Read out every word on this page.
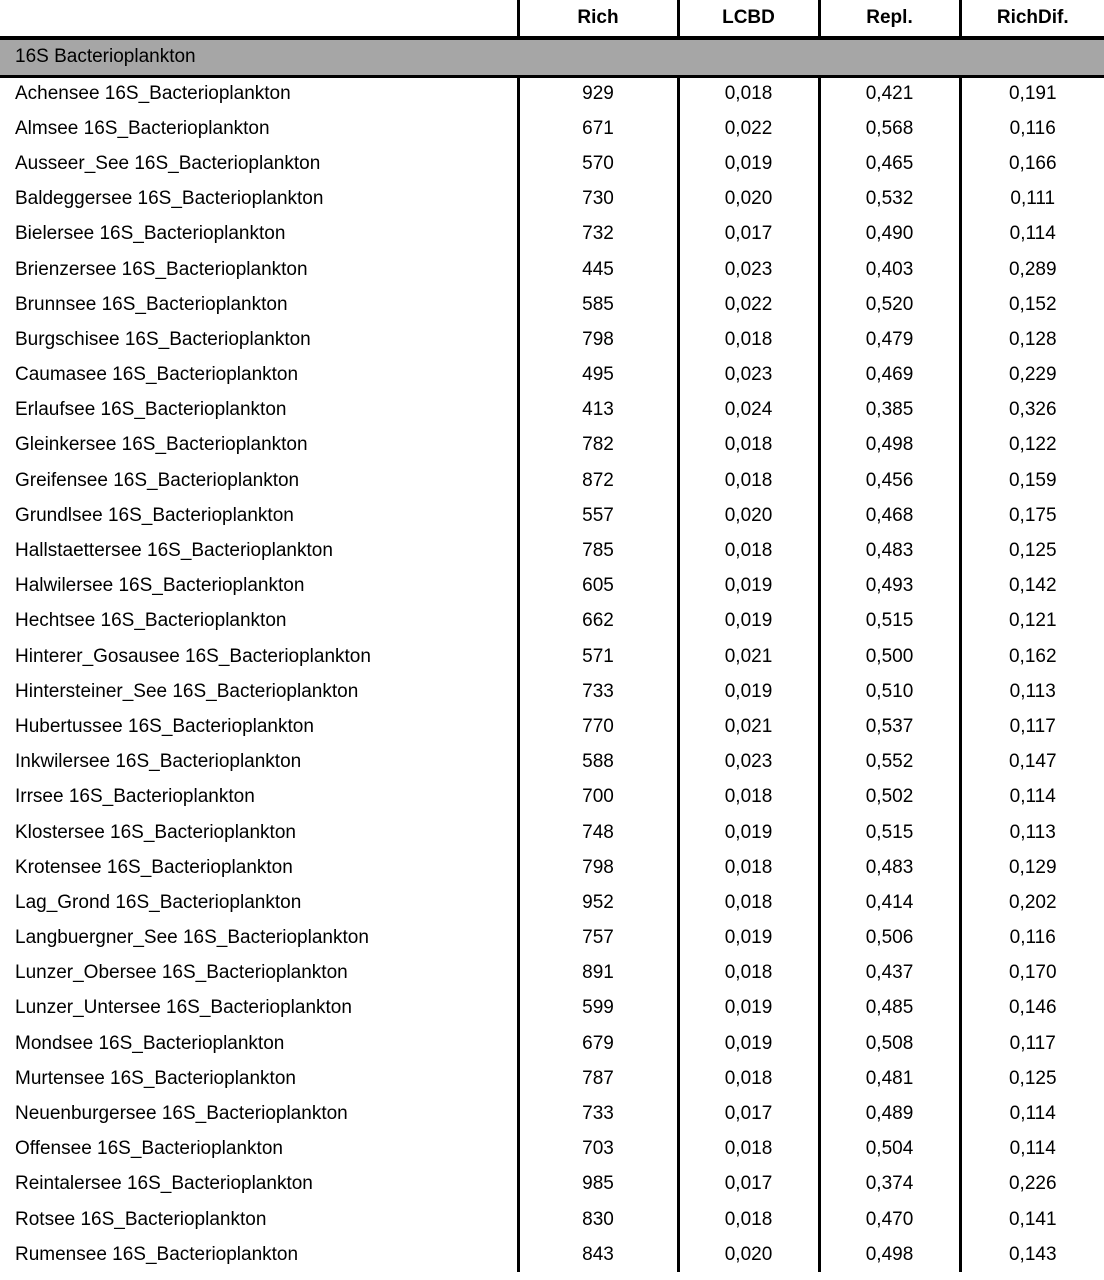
	Rich	LCBD	Repl.	RichDif.
16S Bacterioplankton				
Achensee 16S_Bacterioplankton	929	0,018	0,421	0,191
Almsee 16S_Bacterioplankton	671	0,022	0,568	0,116
Ausseer_See 16S_Bacterioplankton	570	0,019	0,465	0,166
Baldeggersee 16S_Bacterioplankton	730	0,020	0,532	0,111
Bielersee 16S_Bacterioplankton	732	0,017	0,490	0,114
Brienzersee 16S_Bacterioplankton	445	0,023	0,403	0,289
Brunnsee 16S_Bacterioplankton	585	0,022	0,520	0,152
Burgschisee 16S_Bacterioplankton	798	0,018	0,479	0,128
Caumasee 16S_Bacterioplankton	495	0,023	0,469	0,229
Erlaufsee 16S_Bacterioplankton	413	0,024	0,385	0,326
Gleinkersee 16S_Bacterioplankton	782	0,018	0,498	0,122
Greifensee 16S_Bacterioplankton	872	0,018	0,456	0,159
Grundlsee 16S_Bacterioplankton	557	0,020	0,468	0,175
Hallstaettersee 16S_Bacterioplankton	785	0,018	0,483	0,125
Halwilersee 16S_Bacterioplankton	605	0,019	0,493	0,142
Hechtsee 16S_Bacterioplankton	662	0,019	0,515	0,121
Hinterer_Gosausee 16S_Bacterioplankton	571	0,021	0,500	0,162
Hintersteiner_See 16S_Bacterioplankton	733	0,019	0,510	0,113
Hubertussee 16S_Bacterioplankton	770	0,021	0,537	0,117
Inkwilersee 16S_Bacterioplankton	588	0,023	0,552	0,147
Irrsee 16S_Bacterioplankton	700	0,018	0,502	0,114
Klostersee 16S_Bacterioplankton	748	0,019	0,515	0,113
Krotensee 16S_Bacterioplankton	798	0,018	0,483	0,129
Lag_Grond 16S_Bacterioplankton	952	0,018	0,414	0,202
Langbuergner_See 16S_Bacterioplankton	757	0,019	0,506	0,116
Lunzer_Obersee 16S_Bacterioplankton	891	0,018	0,437	0,170
Lunzer_Untersee 16S_Bacterioplankton	599	0,019	0,485	0,146
Mondsee 16S_Bacterioplankton	679	0,019	0,508	0,117
Murtensee 16S_Bacterioplankton	787	0,018	0,481	0,125
Neuenburgersee 16S_Bacterioplankton	733	0,017	0,489	0,114
Offensee 16S_Bacterioplankton	703	0,018	0,504	0,114
Reintalersee 16S_Bacterioplankton	985	0,017	0,374	0,226
Rotsee 16S_Bacterioplankton	830	0,018	0,470	0,141
Rumensee 16S_Bacterioplankton	843	0,020	0,498	0,143
